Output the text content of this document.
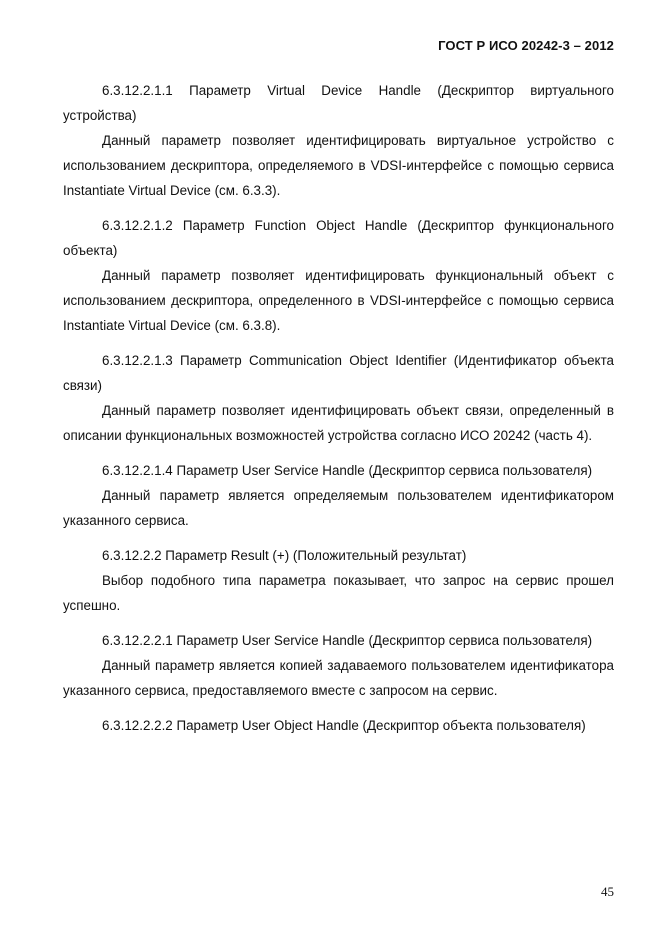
ГОСТ Р ИСО 20242-3 – 2012

6.3.12.2.1.1 Параметр Virtual Device Handle (Дескриптор виртуального устройства)

Данный параметр позволяет идентифицировать виртуальное устройство с использованием дескриптора, определяемого в VDSI-интерфейсе с помощью сервиса Instantiate Virtual Device (см. 6.3.3).

6.3.12.2.1.2 Параметр Function Object Handle (Дескриптор функционального объекта)

Данный параметр позволяет идентифицировать функциональный объект с использованием дескриптора, определенного в VDSI-интерфейсе с помощью сервиса Instantiate Virtual Device (см. 6.3.8).

6.3.12.2.1.3 Параметр Communication Object Identifier (Идентификатор объекта связи)

Данный параметр позволяет идентифицировать объект связи, определенный в описании функциональных возможностей устройства согласно ИСО 20242 (часть 4).

6.3.12.2.1.4 Параметр User Service Handle (Дескриптор сервиса пользователя)

Данный параметр является определяемым пользователем идентификатором указанного сервиса.

6.3.12.2.2 Параметр Result (+) (Положительный результат)

Выбор подобного типа параметра показывает, что запрос на сервис прошел успешно.

6.3.12.2.2.1 Параметр User Service Handle (Дескриптор сервиса пользователя)

Данный параметр является копией задаваемого пользователем идентификатора указанного сервиса, предоставляемого вместе с запросом на сервис.

6.3.12.2.2.2 Параметр User Object Handle (Дескриптор объекта пользователя)

45
